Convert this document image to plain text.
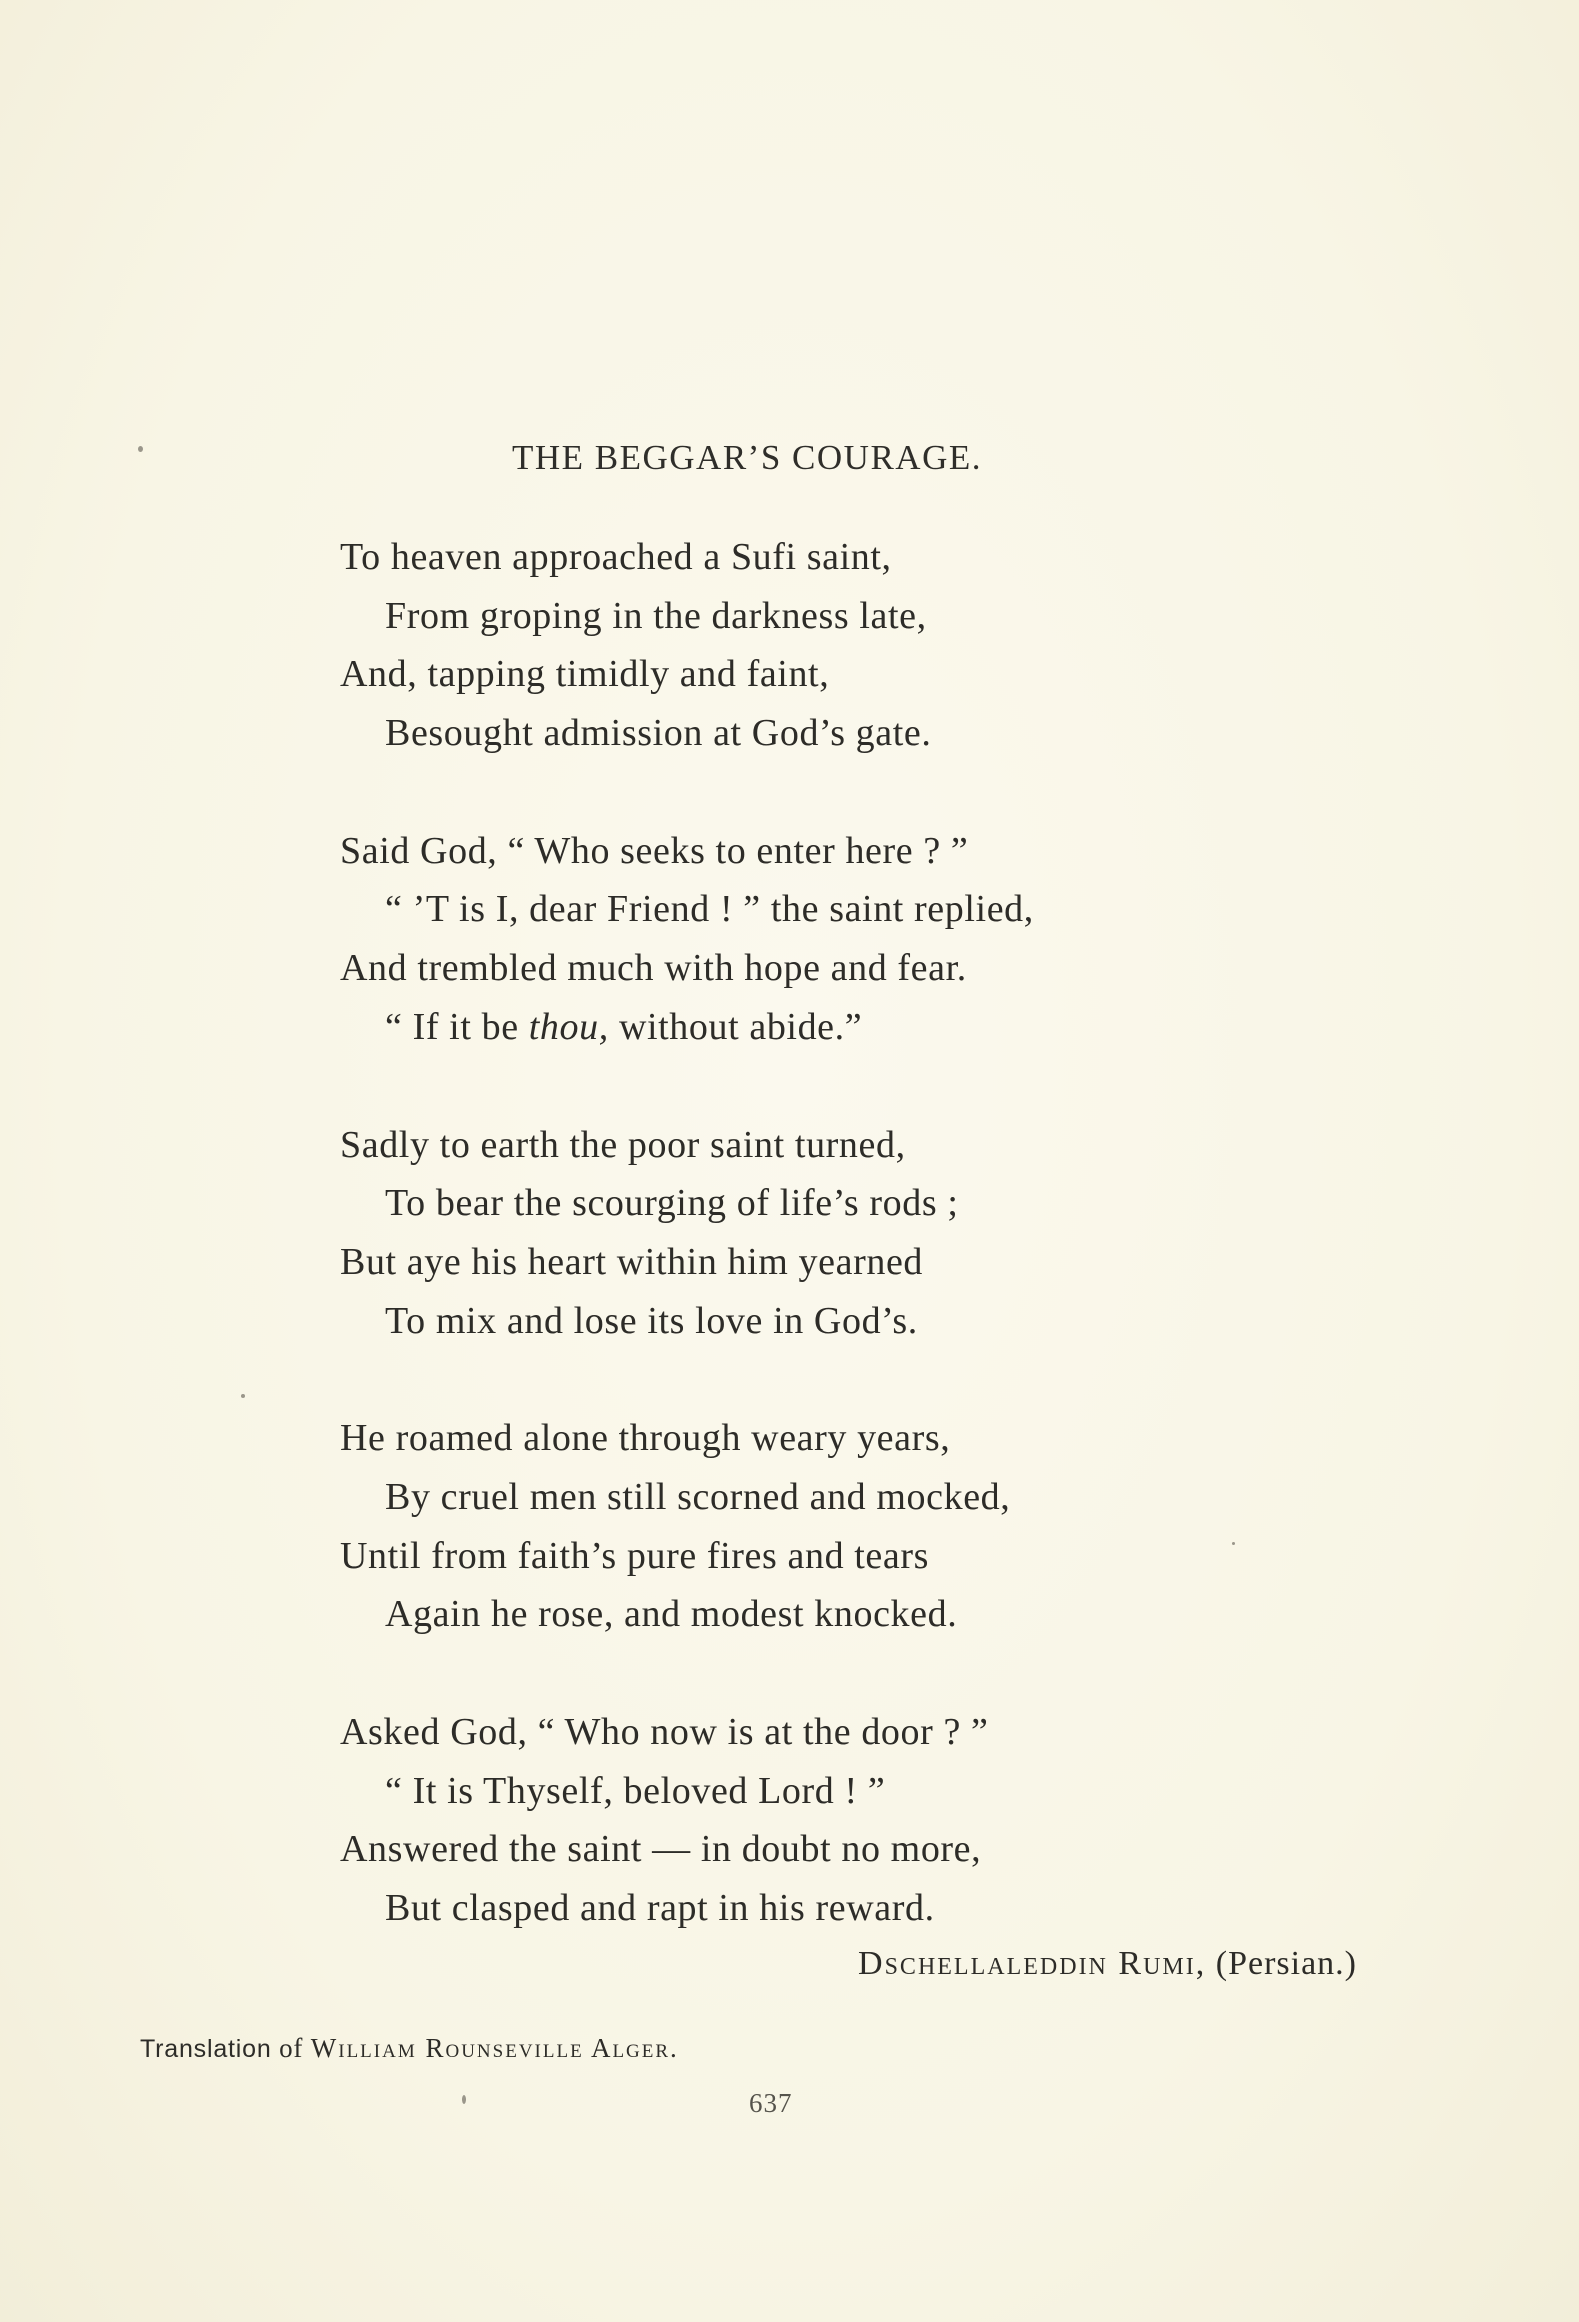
THE BEGGAR’S COURAGE.
To heaven approached a Sufi saint,
From groping in the darkness late,
And, tapping timidly and faint,
Besought admission at God’s gate.
Said God, “ Who seeks to enter here ? ”
“ ’T is I, dear Friend ! ” the saint replied,
And trembled much with hope and fear.
“ If it be thou, without abide.”
Sadly to earth the poor saint turned,
To bear the scourging of life’s rods ;
But aye his heart within him yearned
To mix and lose its love in God’s.
He roamed alone through weary years,
By cruel men still scorned and mocked,
Until from faith’s pure fires and tears
Again he rose, and modest knocked.
Asked God, “ Who now is at the door ? ”
“ It is Thyself, beloved Lord ! ”
Answered the saint — in doubt no more,
But clasped and rapt in his reward.
Dschellaleddin Rumi, (Persian.)
Translation of William Rounseville Alger.
637
